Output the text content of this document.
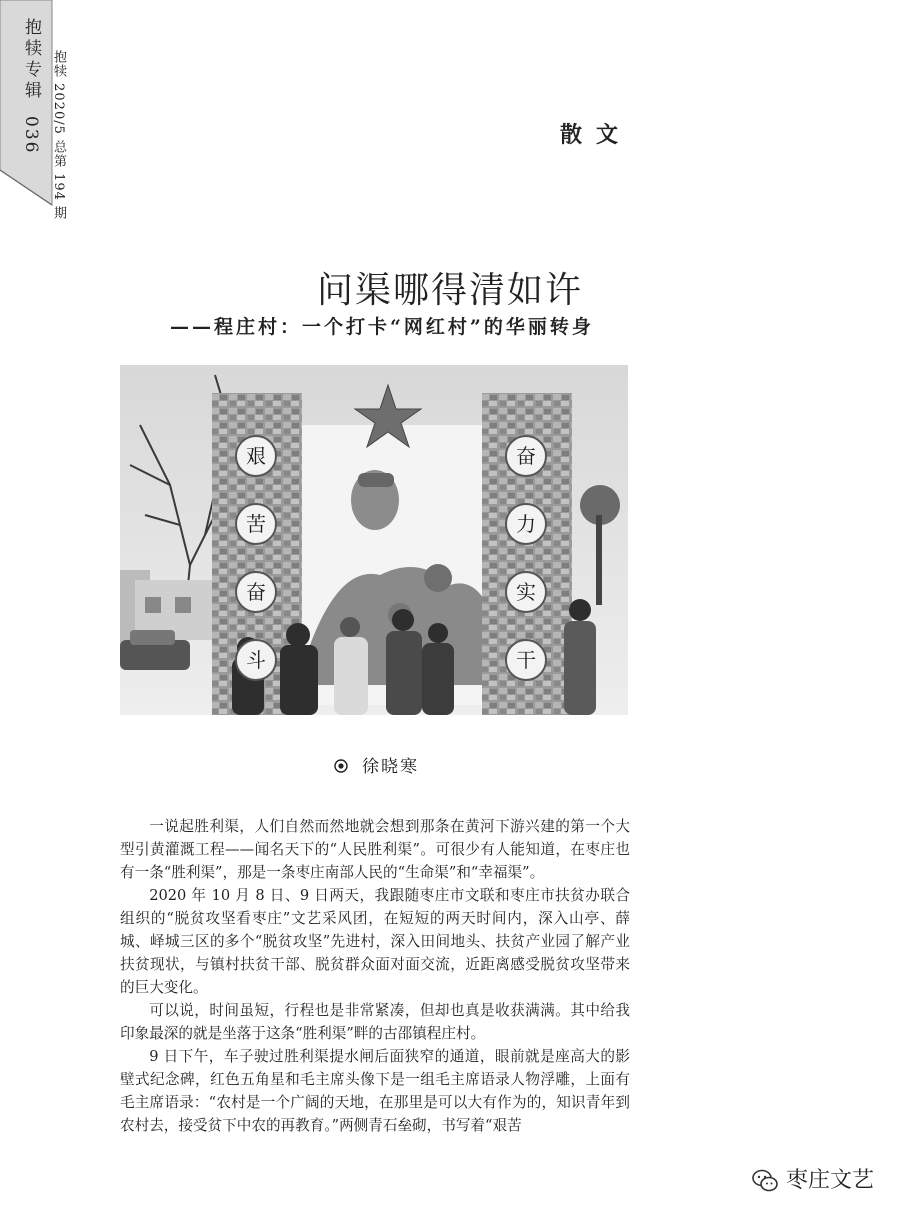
抱犊专辑
036 抱犊 2020/5 总第 194 期	散文
问渠哪得清如许
——程庄村：一个打卡“网红村”的华丽转身
艰
苦
奋
斗
奋
力
实
干
徐晓寒

一说起胜利渠，人们自然而然地就会想到那条在黄河下游兴建的第一个大型引黄灌溉工程——闻名天下的“人民胜利渠”。可很少有人能知道，在枣庄也有一条“胜利渠”，那是一条枣庄南部人民的“生命渠”和“幸福渠”。

2020 年 10 月 8 日、9 日两天，我跟随枣庄市文联和枣庄市扶贫办联合组织的“脱贫攻坚看枣庄”文艺采风团，在短短的两天时间内，深入山亭、薛城、峄城三区的多个“脱贫攻坚”先进村，深入田间地头、扶贫产业园了解产业扶贫现状，与镇村扶贫干部、脱贫群众面对面交流，近距离感受脱贫攻坚带来的巨大变化。

可以说，时间虽短，行程也是非常紧凑，但却也真是收获满满。其中给我印象最深的就是坐落于这条“胜利渠”畔的古邵镇程庄村。

9 日下午，车子驶过胜利渠提水闸后面狭窄的通道，眼前就是座高大的影壁式纪念碑，红色五角星和毛主席头像下是一组毛主席语录人物浮雕，上面有毛主席语录：“农村是一个广阔的天地，在那里是可以大有作为的，知识青年到农村去，接受贫下中农的再教育。”两侧青石垒砌，书写着“艰苦

枣庄文艺
